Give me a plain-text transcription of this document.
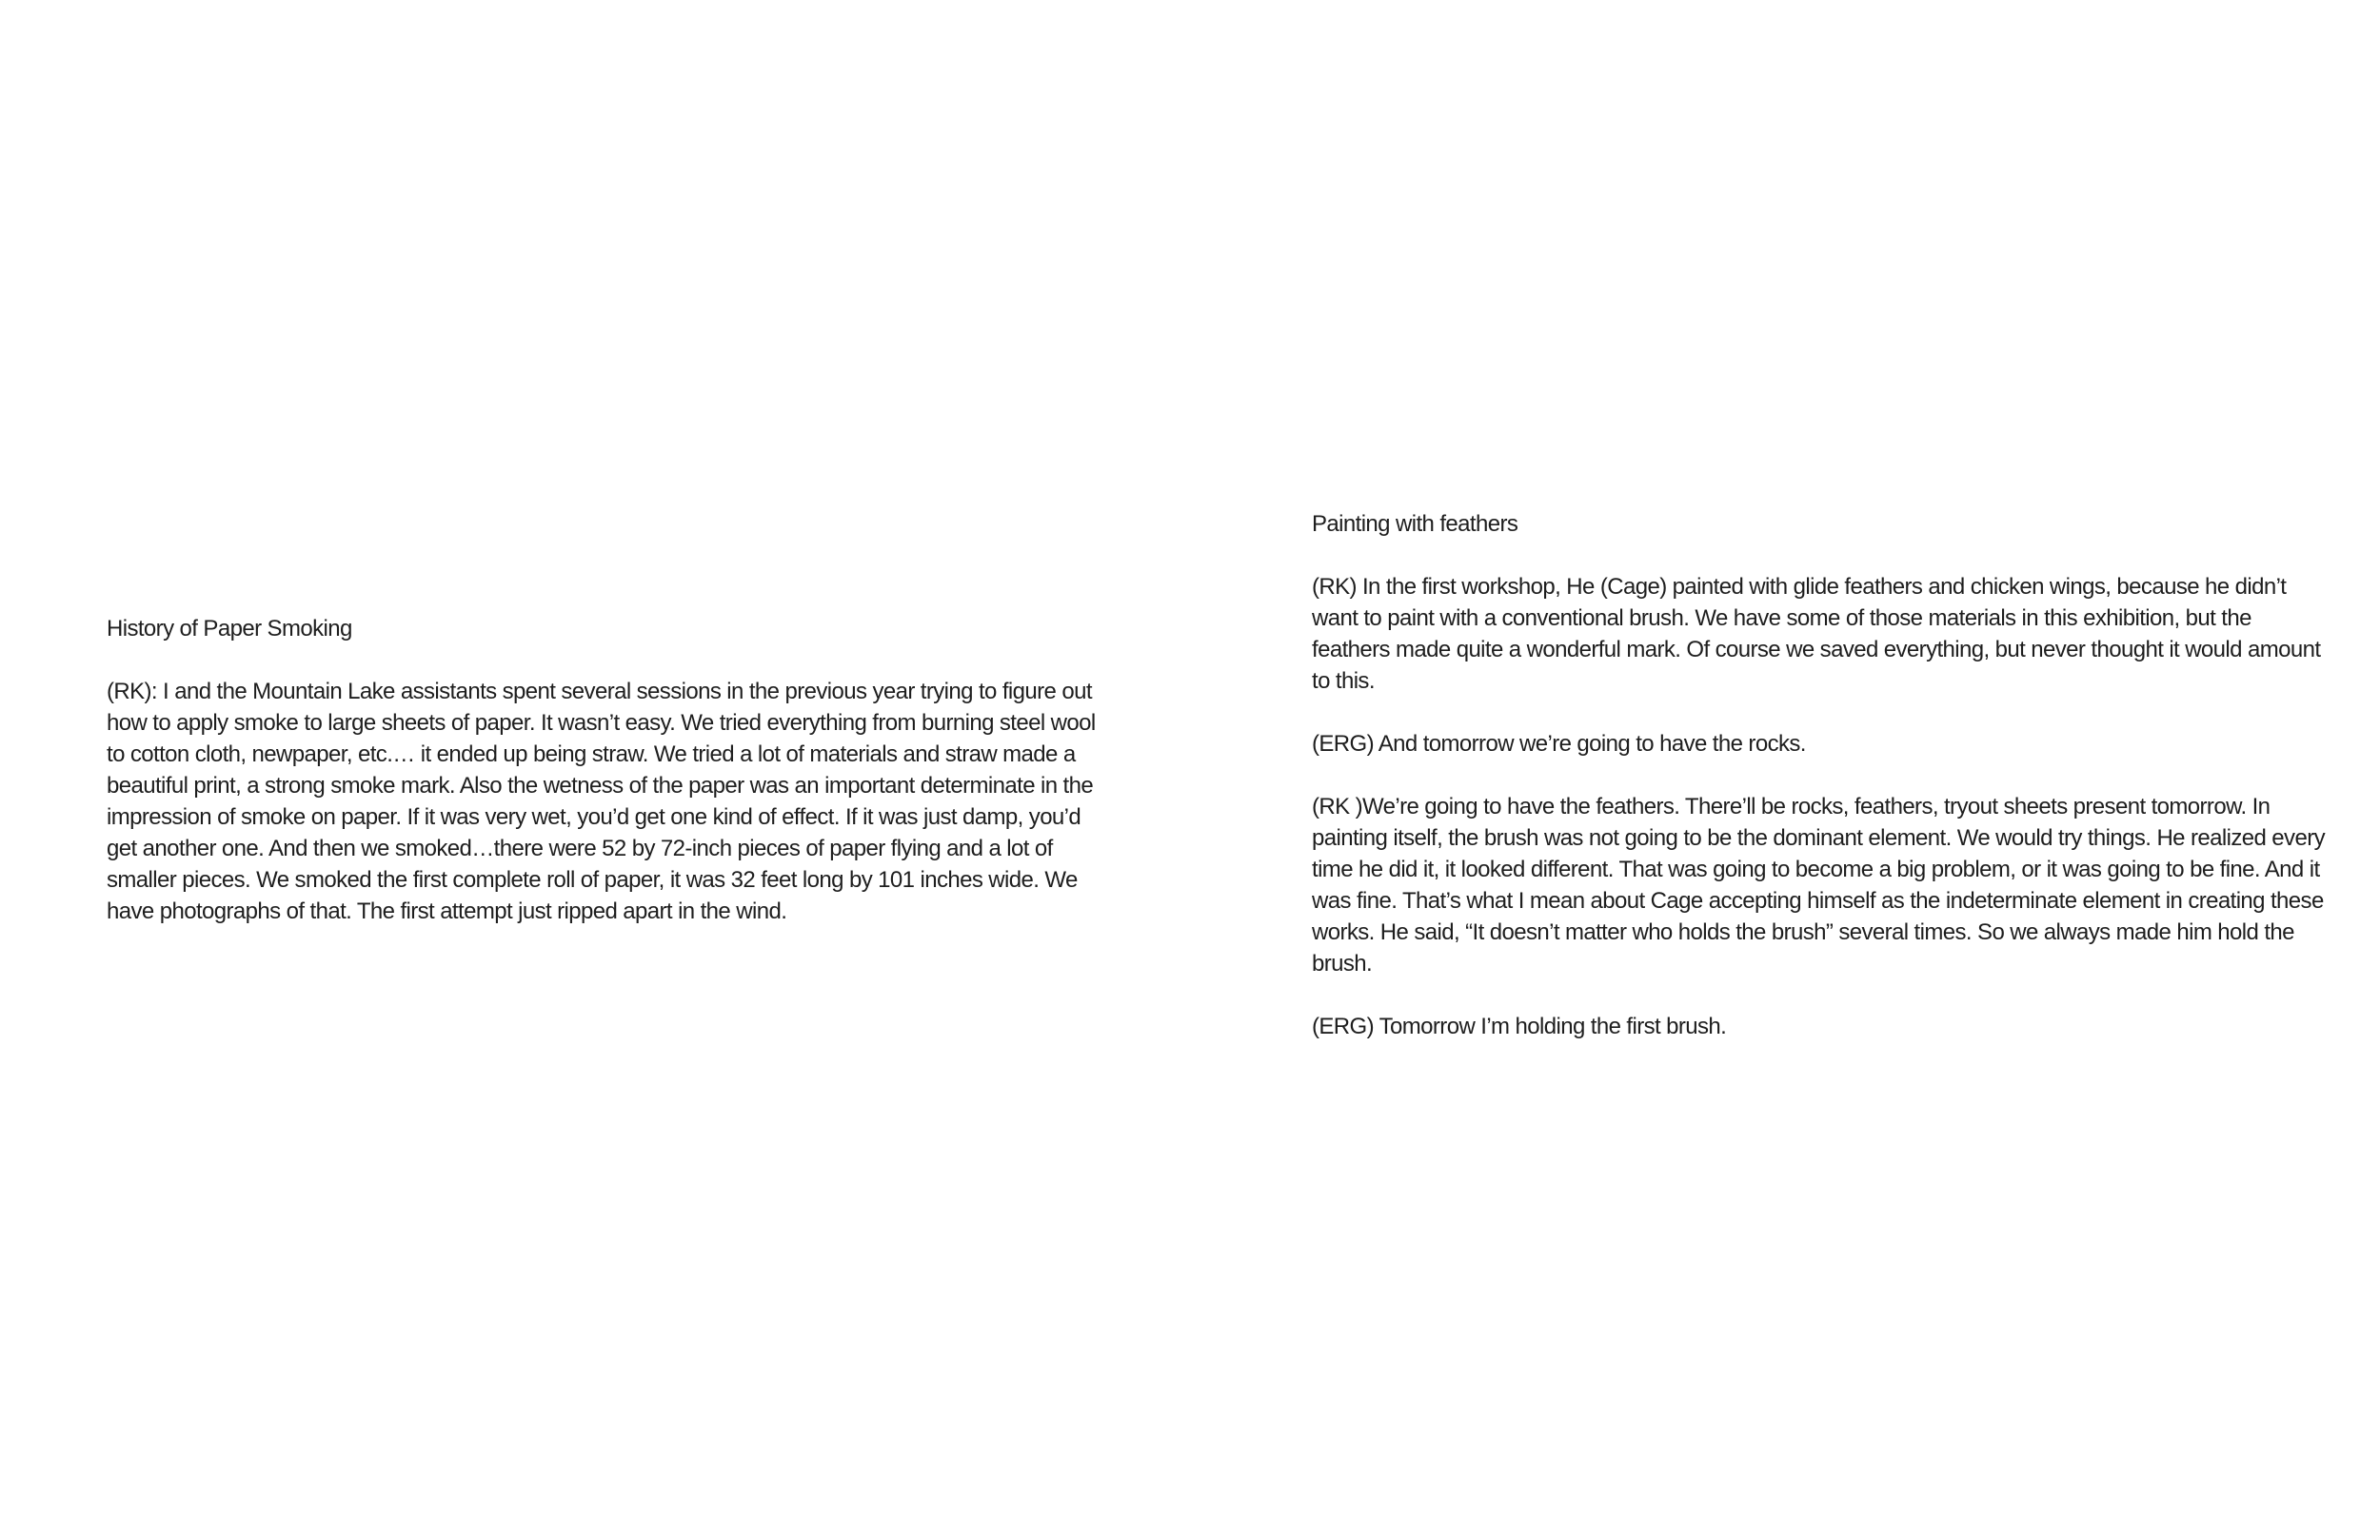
History of Paper Smoking

(RK): I and the Mountain Lake assistants spent several sessions in the previous year trying to figure out how to apply smoke to large sheets of paper. It wasn’t easy. We tried everything from burning steel wool to cotton cloth, newpaper, etc.… it ended up being straw. We tried a lot of materials and straw made a beautiful print, a strong smoke mark. Also the wetness of the paper was an important determinate in the impression of smoke on paper. If it was very wet, you’d get one kind of effect. If it was just damp, you’d get another one. And then we smoked…there were 52 by 72-inch pieces of paper flying and a lot of smaller pieces. We smoked the first complete roll of paper, it was 32 feet long by 101 inches wide. We have photographs of that. The first attempt just ripped apart in the wind.

Painting with feathers

(RK) In the first workshop, He (Cage) painted with glide feathers and chicken wings, because he didn’t want to paint with a conventional brush. We have some of those materials in this exhibition, but the feathers made quite a wonderful mark. Of course we saved everything, but never thought it would amount to this.

(ERG) And tomorrow we’re going to have the rocks.

(RK )We’re going to have the feathers. There’ll be rocks, feathers, tryout sheets present tomorrow. In painting itself, the brush was not going to be the dominant element. We would try things. He realized every time he did it, it looked different. That was going to become a big problem, or it was going to be fine. And it was fine. That’s what I mean about Cage accepting himself as the indeterminate element in creating these works. He said, “It doesn’t matter who holds the brush” several times. So we always made him hold the brush.

(ERG) Tomorrow I’m holding the first brush.
